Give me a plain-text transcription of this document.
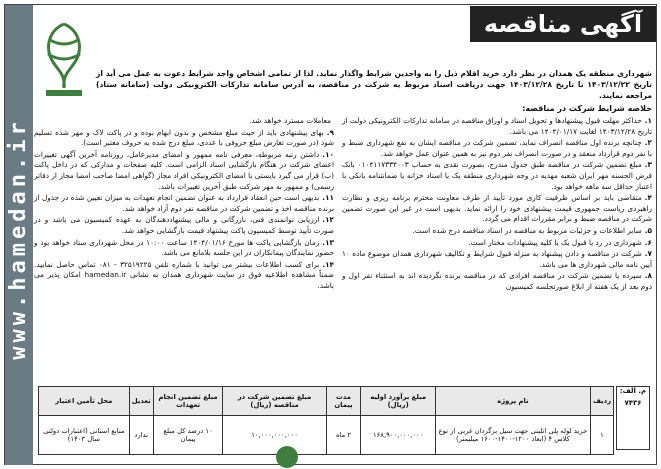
www.hamedan.ir
آگهی مناقصه
شهرداری منطقه یک همدان در نظر دارد خرید اقلام ذیل را به واجدین شرایط واگذار نماید. لذا از تمامی اشخاص واجد شرایط دعوت به عمل می آید از تاریخ ۱۴۰۳/۱۲/۲۲ تا تاریخ ۱۴۰۳/۱۲/۲۸ جهت دریافت اسناد مربوط به شرکت در مناقصه، به آدرس سامانه تدارکات الکترونیکی دولت (سامانه ستاد) مراجعه نمایند.
خلاصه شرایط شرکت در مناقصه:
۱.حداکثر مهلت قبول پیشنهادها و تحویل اسناد و اوراق مناقصه در سامانه تدارکات الکترونیکی دولت از تاریخ ۱۴۰۳/۱۲/۲۸ لغایت ۱۴۰۴/۰۱/۱۷ می باشد.
۲.چنانچه برنده اول مناقصه انصراف نماید، تضمین شرکت در مناقصه ایشان به نفع شهرداری ضبط و با نفر دوم قرارداد منعقد و در صورت انصراف نفر دوم نیز به همین عنوان عمل خواهد شد.
۳.مبلغ تضمین شرکت در مناقصه طبق جدول مندرج، بصورت نقدی به حساب ۰۱۰۴۱۱۷۳۳۴۰۰۳ بانک قرض الحسنه مهر ایران شعبه مهدیه در وجه شهرداری منطقه یک یا اسناد خزانه یا ضمانتنامه بانکی با اعتبار حداقل سه ماهه خواهد بود.
۴.متقاضی باید بر اساس ظرفیت کاری مورد تأیید از طرف معاونت محترم برنامه ریزی و نظارت راهبردی ریاست جمهوری قیمت پیشنهادی خود را ارائه نماید. بدیهی است در غیر این صورت تضمین شرکت در مناقصه ضبط و برابر مقررات اقدام می گردد.
۵.سایر اطلاعات و جزئیات مربوط به مناقصه در اسناد مناقصه درج شده است.
۶.شهرداری در رد یا قبول یک یا کلیه پیشنهادات مختار است.
۷.شرکت در مناقصه و دادن پیشنهاد به منزله قبول شرایط و تکالیف شهرداری همدان موضوع ماده ۱۰ آیین نامه مالی شهرداری ها می باشد.
۸.سپرده یا تضمین شرکت در مناقصه افرادی که در مناقصه برنده نگردیده اند به استثناء نفر اول و دوم بعد از یک هفته از ابلاغ صورتجلسه کمیسیون
معاملات مسترد خواهد شد.
۹.بهای پیشنهادی باید از حیث مبلغ مشخص و بدون ابهام بوده و در پاکت لاک و مهر شده تسلیم شود (در صورت تعارض مبلغ حروفی با عددی، مبلغ درج شده به حروف معتبر است).
۱۰.داشتن رتبه مربوطه، معرفی نامه ممهور و امضای مدیرعامل، روزنامه آخرین آگهی تغییرات اعضای شرکت در هنگام بازگشایی اسناد الزامی است. کلیه صفحات و مدارکی که در داخل پاکت (ب) قرار می گیرد بایستی با امضای الکترونیکی افراد مجاز (گواهی امضا صاحب امضا مجاز از دفاتر رسمی) و ممهور به مهر شرکت طبق آخرین تغییرات باشد.
۱۱.بدیهی است حین انعقاد قرارداد به عنوان تضمین انجام تعهدات به میزان تعیین شده در جدول از برنده مناقصه اخذ و تضمین شرکت در مناقصه نفر دوم آزاد خواهد شد.
۱۲.ارزیابی توانمندی فنی، بازرگانی و مالی پیشنهاددهندگان به عهده کمیسیون می باشد و در صورت تأیید توسط کمیسیون پاکت پیشنهاد قیمت بازگشایی خواهد شد.
۱۳.زمان بازگشایی پاکت ها مورخ ۱۴۰۴/۰۱/۱۶ ساعت ۱۰:۰۰ در محل شهرداری ستاد خواهد بود و حضور نمایندگان پیمانکاران در این جلسه بلامانع می باشد.
۱۴.برای کسب اطلاعات بیشتر می توانید با شماره تلفن ۳۲۵۱۹۲۲۵ - ۰۸۱ تماس حاصل نمایید. ضمناً مشاهده اطلاعیه فوق در سایت شهرداری همدان به نشانی hamedan.ir امکان پذیر می باشد.
ردیف	نام پروژه	مبلغ برآورد اولیه (ریال)	مدت پیمان	مبلغ تضمین شرکت در مناقصه (ریال)	مبلغ تضمین انجام تعهدات	تعدیل	محل تأمین اعتبار
۱	خرید لوله پلی اتلینی جهت سیل برگردان غربی از نوع کلاس ۴ (ابعاد ۱۲۰۰-۱۴۰۰-۱۶۰۰ میلیمتر)	۱۶۸,۹۰۰,۰۰۰,۰۰۰	۲ ماه	۱۰,۰۰۰,۰۰۰,۰۰۰	۱۰ درصد کل مبلغ پیمان	ندارد	منابع استانی (اعتبارات دولتی سال ۱۴۰۳)
م. الف:
۷۴۳۶
